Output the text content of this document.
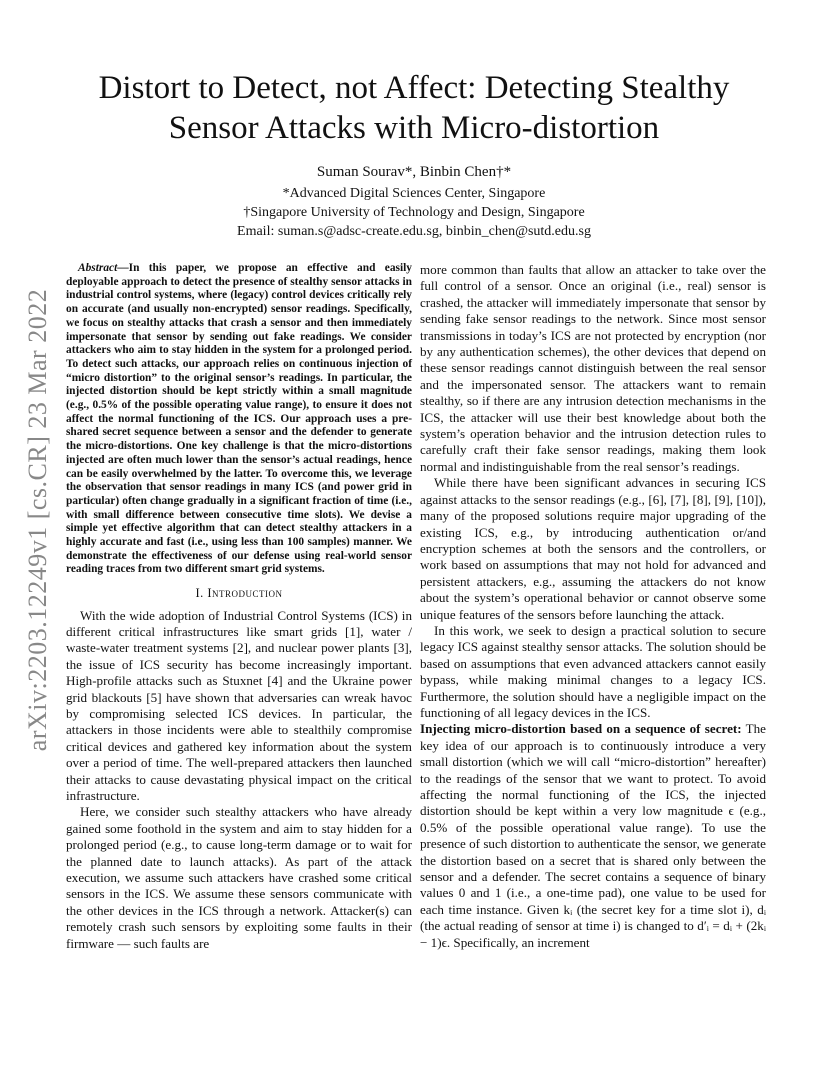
arXiv:2203.12249v1 [cs.CR] 23 Mar 2022
Distort to Detect, not Affect: Detecting Stealthy
Sensor Attacks with Micro-distortion
Suman Sourav*, Binbin Chen†*
*Advanced Digital Sciences Center, Singapore
†Singapore University of Technology and Design, Singapore
Email: suman.s@adsc-create.edu.sg, binbin_chen@sutd.edu.sg

Abstract—In this paper, we propose an effective and easily deployable approach to detect the presence of stealthy sensor attacks in industrial control systems, where (legacy) control devices critically rely on accurate (and usually non-encrypted) sensor readings. Specifically, we focus on stealthy attacks that crash a sensor and then immediately impersonate that sensor by sending out fake readings. We consider attackers who aim to stay hidden in the system for a prolonged period. To detect such attacks, our approach relies on continuous injection of “micro distortion” to the original sensor’s readings. In particular, the injected distortion should be kept strictly within a small magnitude (e.g., 0.5% of the possible operating value range), to ensure it does not affect the normal functioning of the ICS. Our approach uses a pre-shared secret sequence between a sensor and the defender to generate the micro-distortions. One key challenge is that the micro-distortions injected are often much lower than the sensor’s actual readings, hence can be easily overwhelmed by the latter. To overcome this, we leverage the observation that sensor readings in many ICS (and power grid in particular) often change gradually in a significant fraction of time (i.e., with small difference between consecutive time slots). We devise a simple yet effective algorithm that can detect stealthy attackers in a highly accurate and fast (i.e., using less than 100 samples) manner. We demonstrate the effectiveness of our defense using real-world sensor reading traces from two different smart grid systems.

I. Introduction

With the wide adoption of Industrial Control Systems (ICS) in different critical infrastructures like smart grids [1], water / waste-water treatment systems [2], and nuclear power plants [3], the issue of ICS security has become increasingly important. High-profile attacks such as Stuxnet [4] and the Ukraine power grid blackouts [5] have shown that adversaries can wreak havoc by compromising selected ICS devices. In particular, the attackers in those incidents were able to stealthily compromise critical devices and gathered key information about the system over a period of time. The well-prepared attackers then launched their attacks to cause devastating physical impact on the critical infrastructure.

Here, we consider such stealthy attackers who have already gained some foothold in the system and aim to stay hidden for a prolonged period (e.g., to cause long-term damage or to wait for the planned date to launch attacks). As part of the attack execution, we assume such attackers have crashed some critical sensors in the ICS. We assume these sensors communicate with the other devices in the ICS through a network. Attacker(s) can remotely crash such sensors by exploiting some faults in their firmware — such faults are

more common than faults that allow an attacker to take over the full control of a sensor. Once an original (i.e., real) sensor is crashed, the attacker will immediately impersonate that sensor by sending fake sensor readings to the network. Since most sensor transmissions in today’s ICS are not protected by encryption (nor by any authentication schemes), the other devices that depend on these sensor readings cannot distinguish between the real sensor and the impersonated sensor. The attackers want to remain stealthy, so if there are any intrusion detection mechanisms in the ICS, the attacker will use their best knowledge about both the system’s operation behavior and the intrusion detection rules to carefully craft their fake sensor readings, making them look normal and indistinguishable from the real sensor’s readings.

While there have been significant advances in securing ICS against attacks to the sensor readings (e.g., [6], [7], [8], [9], [10]), many of the proposed solutions require major upgrading of the existing ICS, e.g., by introducing authentication or/and encryption schemes at both the sensors and the controllers, or work based on assumptions that may not hold for advanced and persistent attackers, e.g., assuming the attackers do not know about the system’s operational behavior or cannot observe some unique features of the sensors before launching the attack.

In this work, we seek to design a practical solution to secure legacy ICS against stealthy sensor attacks. The solution should be based on assumptions that even advanced attackers cannot easily bypass, while making minimal changes to a legacy ICS. Furthermore, the solution should have a negligible impact on the functioning of all legacy devices in the ICS.

Injecting micro-distortion based on a sequence of secret: The key idea of our approach is to continuously introduce a very small distortion (which we will call “micro-distortion” hereafter) to the readings of the sensor that we want to protect. To avoid affecting the normal functioning of the ICS, the injected distortion should be kept within a very low magnitude ϵ (e.g., 0.5% of the possible operational value range). To use the presence of such distortion to authenticate the sensor, we generate the distortion based on a secret that is shared only between the sensor and a defender. The secret contains a sequence of binary values 0 and 1 (i.e., a one-time pad), one value to be used for each time instance. Given kᵢ (the secret key for a time slot i), dᵢ (the actual reading of sensor at time i) is changed to d′ᵢ = dᵢ + (2kᵢ − 1)ϵ. Specifically, an increment
